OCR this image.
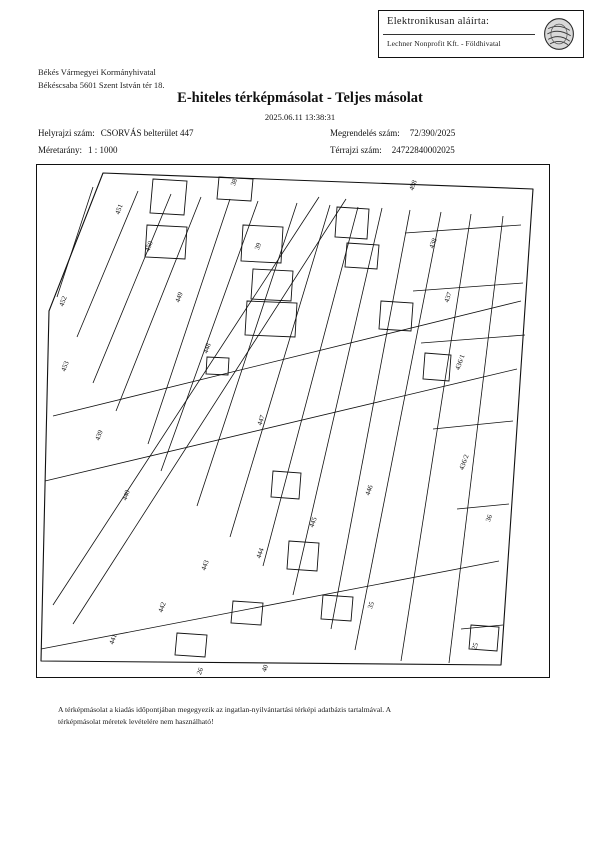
Elektronikusan aláírta:
Lechner Nonprofit Kft. - Földhivatal
Békés Vármegyei Kormányhivatal
Békéscsaba 5601 Szent István tér 18.
E-hiteles térképmásolat - Teljes másolat
2025.06.11 13:38:31
Helyrajzi szám: CSORVÁS belterület 447
Méretarány: 1 : 1000
Megrendelés szám: 72/390/2025
Térrajzi szám: 24722840002025
451
450
449
448
38
39
452
453
439
440
441
442
443
444
445
446
447
498
438
437
436/1
436/2
36
35
25
26	40
A térképmásolat a kiadás időpontjában megegyezik az ingatlan-nyilvántartási térképi adatbázis tartalmával. A
térképmásolat méretek levételére nem használható!
